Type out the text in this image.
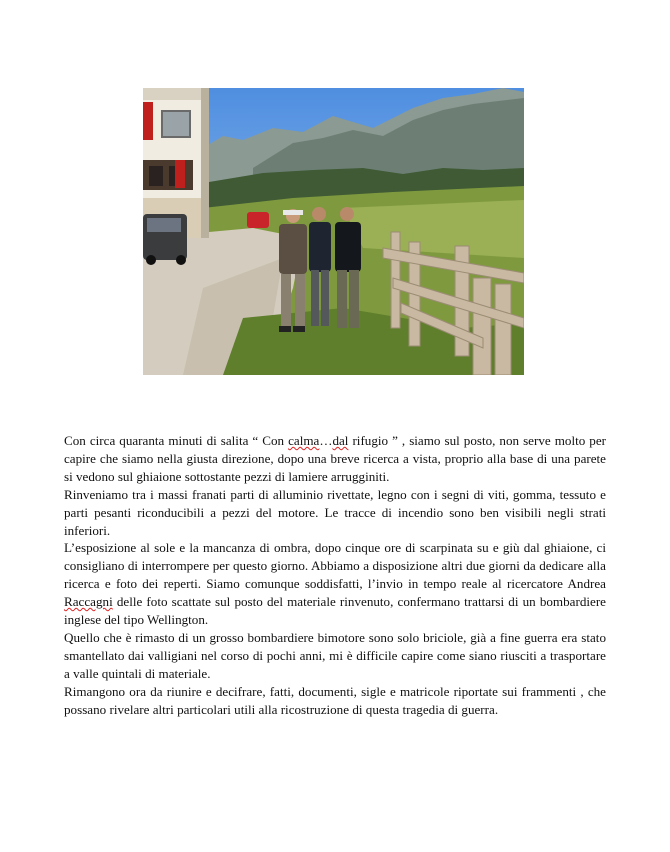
Con circa quaranta minuti di salita “ Con calma…dal rifugio ” , siamo sul posto, non serve molto per capire che siamo nella giusta direzione, dopo una breve ricerca a vista, proprio alla base di una parete si vedono sul ghiaione sottostante pezzi di lamiere arrugginiti.

Rinveniamo tra i massi franati parti di alluminio rivettate, legno con i segni di viti, gomma, tessuto e parti pesanti riconducibili a pezzi del motore. Le tracce di incendio sono ben visibili negli strati inferiori.

L’esposizione al sole e la mancanza di ombra, dopo cinque ore di scarpinata su e giù dal ghiaione, ci consigliano di interrompere per questo giorno. Abbiamo a disposizione altri due giorni da dedicare alla ricerca e foto dei reperti. Siamo comunque soddisfatti, l’invio in tempo reale al ricercatore Andrea Raccagni delle foto scattate sul posto del materiale rinvenuto, confermano trattarsi di un bombardiere inglese del tipo Wellington.

Quello che è rimasto di un grosso bombardiere bimotore sono solo briciole, già a fine guerra era stato smantellato dai valligiani nel corso di pochi anni, mi è difficile capire come siano riusciti a trasportare a valle quintali di materiale.

Rimangono ora da riunire e decifrare, fatti, documenti, sigle e matricole riportate sui frammenti , che possano rivelare altri particolari utili alla ricostruzione di questa tragedia di guerra.
